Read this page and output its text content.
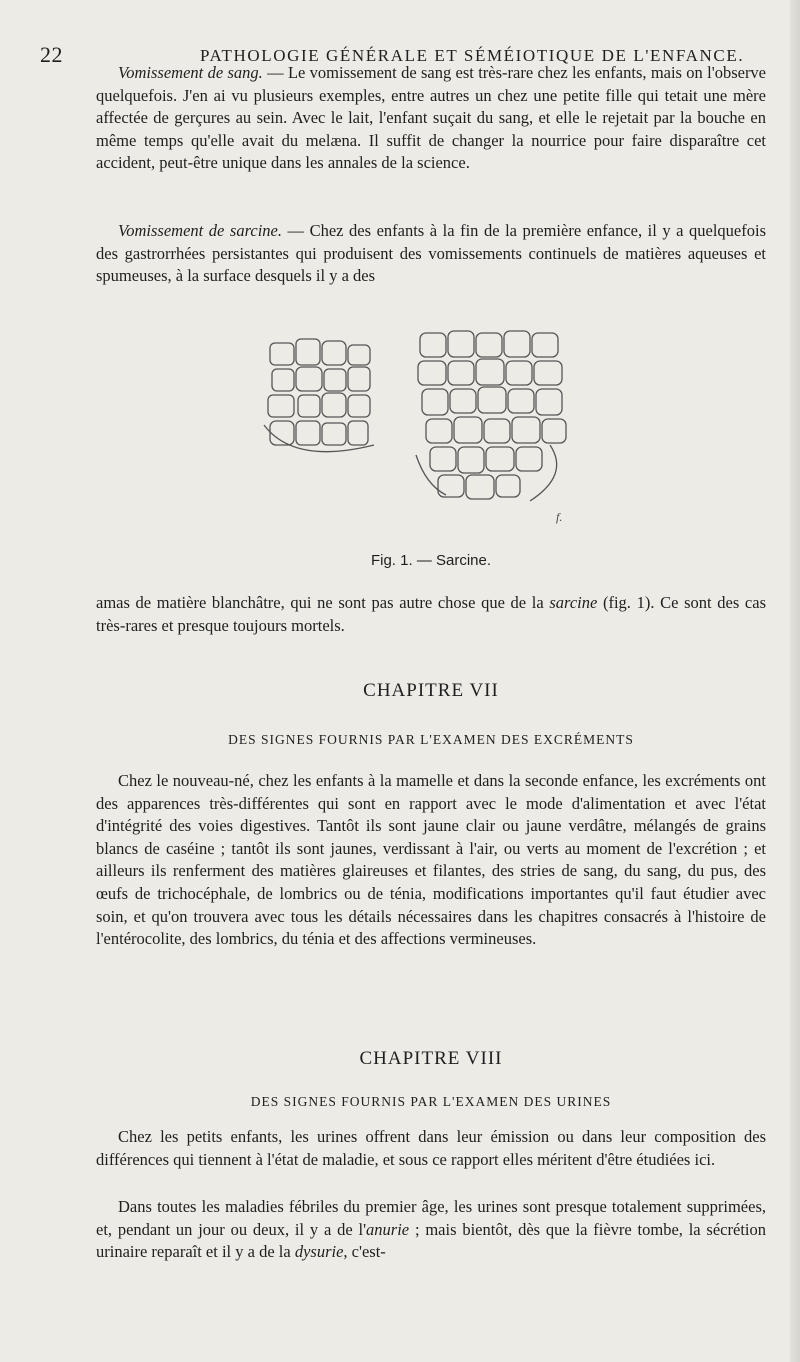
22	PATHOLOGIE GÉNÉRALE ET SÉMÉIOTIQUE DE L'ENFANCE.

Vomissement de sang. — Le vomissement de sang est très-rare chez les enfants, mais on l'observe quelquefois. J'en ai vu plusieurs exemples, entre autres un chez une petite fille qui tetait une mère affectée de gerçures au sein. Avec le lait, l'enfant suçait du sang, et elle le rejetait par la bouche en même temps qu'elle avait du melæna. Il suffit de changer la nourrice pour faire disparaître cet accident, peut-être unique dans les annales de la science.

Vomissement de sarcine. — Chez des enfants à la fin de la première enfance, il y a quelquefois des gastrorrhées persistantes qui produisent des vomissements continuels de matières aqueuses et spumeuses, à la surface desquels il y a des

f.
Fig. 1. — Sarcine.

amas de matière blanchâtre, qui ne sont pas autre chose que de la sarcine (fig. 1). Ce sont des cas très-rares et presque toujours mortels.

CHAPITRE VII
DES SIGNES FOURNIS PAR L'EXAMEN DES EXCRÉMENTS

Chez le nouveau-né, chez les enfants à la mamelle et dans la seconde enfance, les excréments ont des apparences très-différentes qui sont en rapport avec le mode d'alimentation et avec l'état d'intégrité des voies digestives. Tantôt ils sont jaune clair ou jaune verdâtre, mélangés de grains blancs de caséine ; tantôt ils sont jaunes, verdissant à l'air, ou verts au moment de l'excrétion ; et ailleurs ils renferment des matières glaireuses et filantes, des stries de sang, du sang, du pus, des œufs de trichocéphale, de lombrics ou de ténia, modifications importantes qu'il faut étudier avec soin, et qu'on trouvera avec tous les détails nécessaires dans les chapitres consacrés à l'histoire de l'entérocolite, des lombrics, du ténia et des affections vermineuses.

CHAPITRE VIII
DES SIGNES FOURNIS PAR L'EXAMEN DES URINES

Chez les petits enfants, les urines offrent dans leur émission ou dans leur composition des différences qui tiennent à l'état de maladie, et sous ce rapport elles méritent d'être étudiées ici.

Dans toutes les maladies fébriles du premier âge, les urines sont presque totalement supprimées, et, pendant un jour ou deux, il y a de l'anurie ; mais bientôt, dès que la fièvre tombe, la sécrétion urinaire reparaît et il y a de la dysurie, c'est-
